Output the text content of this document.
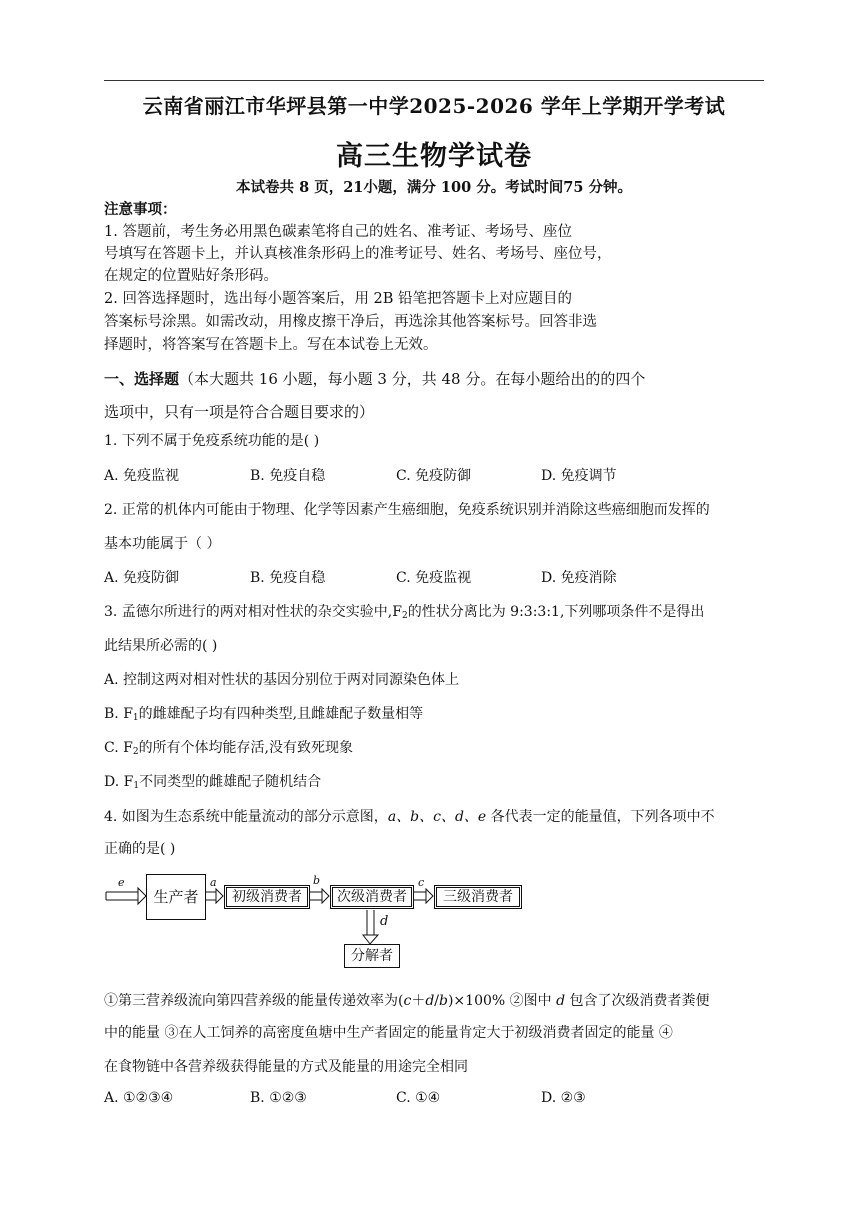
云南省丽江市华坪县第一中学2025-2026 学年上学期开学考试
高三生物学试卷
本试卷共 8 页，21小题，满分 100 分。考试时间75 分钟。
注意事项：
1. 答题前，考生务必用黑色碳素笔将自己的姓名、准考证、考场号、座位
号填写在答题卡上，并认真核准条形码上的准考证号、姓名、考场号、座位号，
在规定的位置贴好条形码。
2. 回答选择题时，选出每小题答案后，用 2B 铅笔把答题卡上对应题目的
答案标号涂黑。如需改动，用橡皮擦干净后，再选涂其他答案标号。回答非选
择题时，将答案写在答题卡上。写在本试卷上无效。
一、选择题（本大题共 16 小题，每小题 3 分，共 48 分。在每小题给出的的四个
选项中，只有一项是符合合题目要求的）
1. 下列不属于免疫系统功能的是( )
A. 免疫监视	B. 免疫自稳	C. 免疫防御	D. 免疫调节
2. 正常的机体内可能由于物理、化学等因素产生癌细胞，免疫系统识别并消除这些癌细胞而发挥的
基本功能属于（ ）
A. 免疫防御	B. 免疫自稳	C. 免疫监视	D. 免疫消除
3. 孟德尔所进行的两对相对性状的杂交实验中$,F_2$的性状分离比为 9:3:3:1,下列哪项条件不是得出
此结果所必需的( )
A. 控制这两对相对性状的基因分别位于两对同源染色体上
B. $F_1$的雌雄配子均有四种类型,且雌雄配子数量相等
C. $F_2$的所有个体均能存活,没有致死现象
D. $F_1$不同类型的雌雄配子随机结合
4. 如图为生态系统中能量流动的部分示意图，a、b、c、d、e 各代表一定的能量值，下列各项中不
正确的是( )
生产者	初级消费者	次级消费者	三级消费者
分解者
e	a	b	c
d
①第三营养级流向第四营养级的能量传递效率为(c＋d/b)×100% ②图中 d 包含了次级消费者粪便
中的能量 ③在人工饲养的高密度鱼塘中生产者固定的能量肯定大于初级消费者固定的能量 ④
在食物链中各营养级获得能量的方式及能量的用途完全相同
A. ①②③④	B. ①②③	C. ①④	D. ②③
